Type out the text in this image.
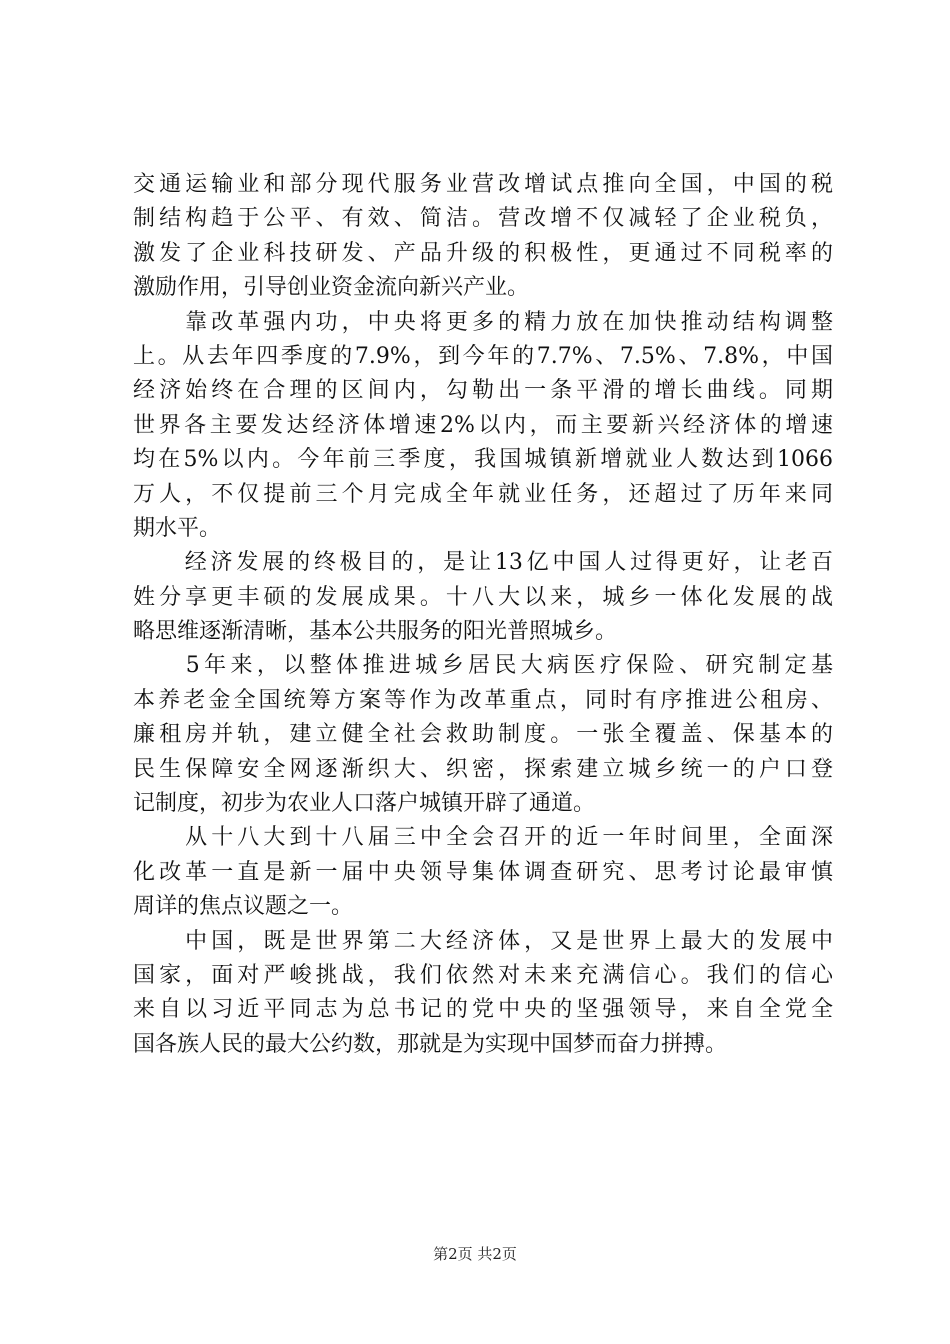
交通运输业和部分现代服务业营改增试点推向全国，中国的税
制结构趋于公平、有效、简洁。营改增不仅减轻了企业税负，
激发了企业科技研发、产品升级的积极性，更通过不同税率的
激励作用，引导创业资金流向新兴产业。
　　靠改革强内功，中央将更多的精力放在加快推动结构调整
上。从去年四季度的7.9%，到今年的7.7%、7.5%、7.8%，中国
经济始终在合理的区间内，勾勒出一条平滑的增长曲线。同期
世界各主要发达经济体增速2%以内，而主要新兴经济体的增速
均在5%以内。今年前三季度，我国城镇新增就业人数达到1066
万人，不仅提前三个月完成全年就业任务，还超过了历年来同
期水平。
　　经济发展的终极目的，是让13亿中国人过得更好，让老百
姓分享更丰硕的发展成果。十八大以来，城乡一体化发展的战
略思维逐渐清晰，基本公共服务的阳光普照城乡。
　　5年来，以整体推进城乡居民大病医疗保险、研究制定基
本养老金全国统筹方案等作为改革重点，同时有序推进公租房、
廉租房并轨，建立健全社会救助制度。一张全覆盖、保基本的
民生保障安全网逐渐织大、织密，探索建立城乡统一的户口登
记制度，初步为农业人口落户城镇开辟了通道。
　　从十八大到十八届三中全会召开的近一年时间里，全面深
化改革一直是新一届中央领导集体调查研究、思考讨论最审慎
周详的焦点议题之一。
　　中国，既是世界第二大经济体，又是世界上最大的发展中
国家，面对严峻挑战，我们依然对未来充满信心。我们的信心
来自以习近平同志为总书记的党中央的坚强领导，来自全党全
国各族人民的最大公约数，那就是为实现中国梦而奋力拼搏。
第2页 共2页
